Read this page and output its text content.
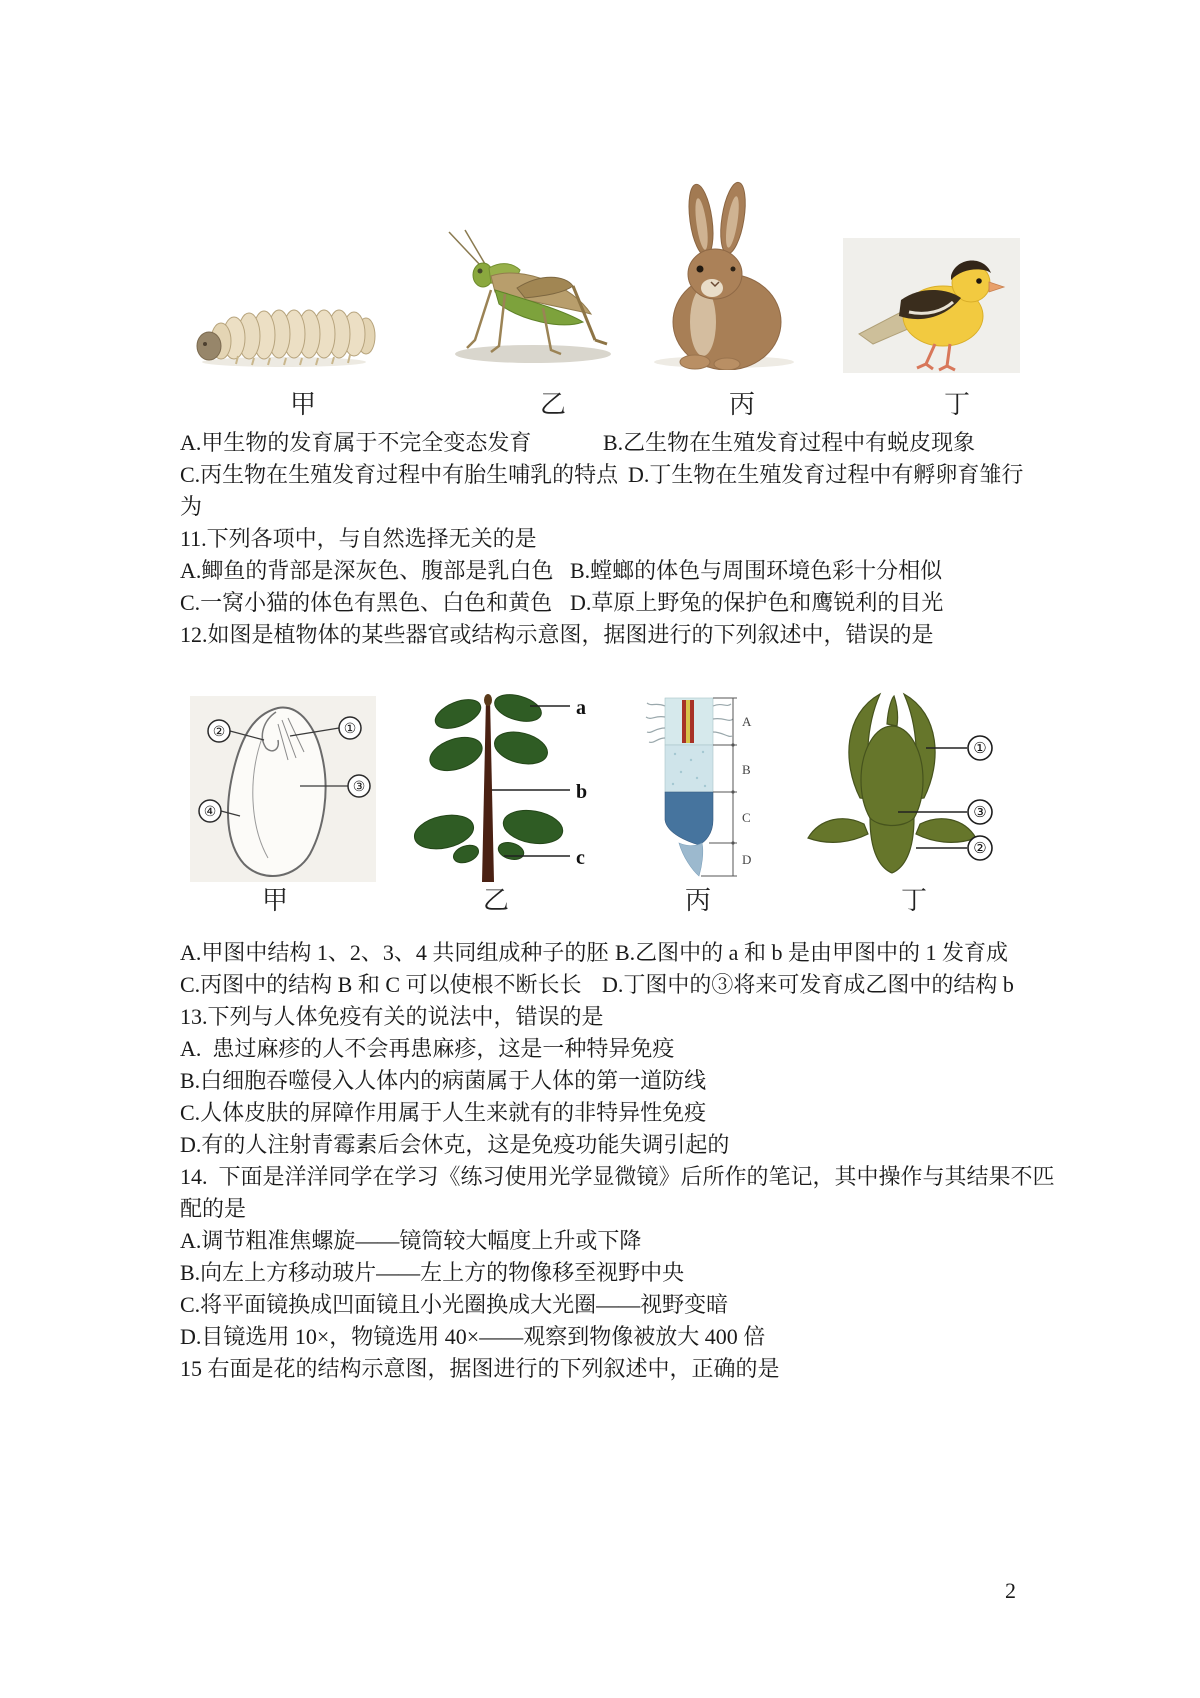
甲	乙	丙	丁
A.甲生物的发育属于不完全变态发育	B.乙生物在生殖发育过程中有蜕皮现象
C.丙生物在生殖发育过程中有胎生哺乳的特点 D.丁生物在生殖发育过程中有孵卵育雏行
为
11.下列各项中，与自然选择无关的是
A.鲫鱼的背部是深灰色、腹部是乳白色 B.螳螂的体色与周围环境色彩十分相似
C.一窝小猫的体色有黑色、白色和黄色 D.草原上野兔的保护色和鹰锐利的目光
12.如图是植物体的某些器官或结构示意图，据图进行的下列叙述中，错误的是
①
②
③
④
a
b
c
A
B
C
D
①
③
②
甲	乙	丙	丁
A.甲图中结构 1、2、3、4 共同组成种子的胚 B.乙图中的 a 和 b 是由甲图中的 1 发育成
C.丙图中的结构 B 和 C 可以使根不断长长 D.丁图中的③将来可发育成乙图中的结构 b
13.下列与人体免疫有关的说法中，错误的是
A.  患过麻疹的人不会再患麻疹，这是一种特异免疫
B.白细胞吞噬侵入人体内的病菌属于人体的第一道防线
C.人体皮肤的屏障作用属于人生来就有的非特异性免疫
D.有的人注射青霉素后会休克，这是免疫功能失调引起的
14.  下面是洋洋同学在学习《练习使用光学显微镜》后所作的笔记，其中操作与其结果不匹
配的是
A.调节粗准焦螺旋——镜筒较大幅度上升或下降
B.向左上方移动玻片——左上方的物像移至视野中央
C.将平面镜换成凹面镜且小光圈换成大光圈——视野变暗
D.目镜选用 10×，物镜选用 40×——观察到物像被放大 400 倍
15 右面是花的结构示意图，据图进行的下列叙述中，正确的是
2
